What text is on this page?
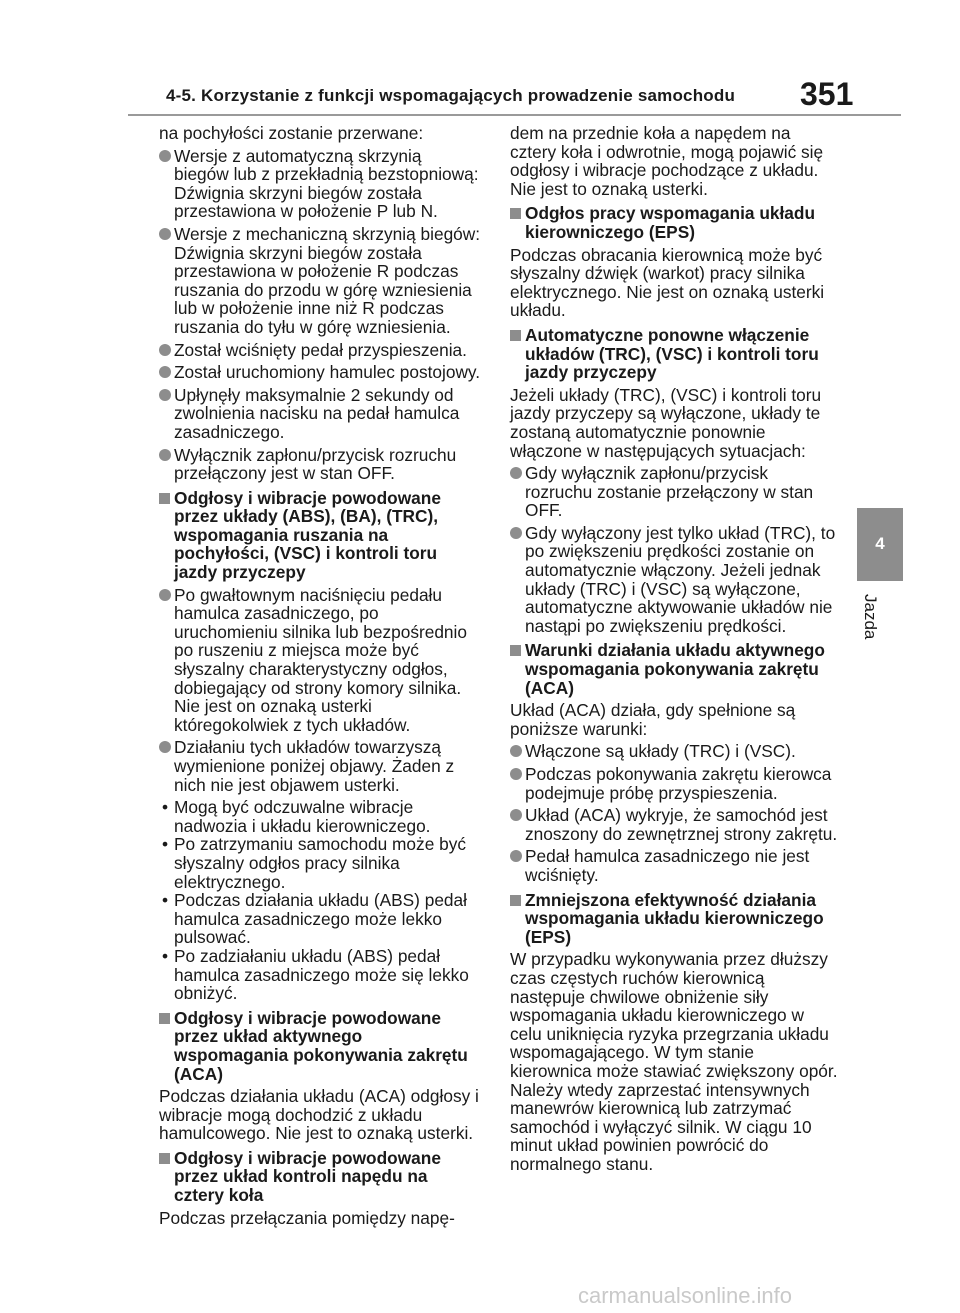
4-5. Korzystanie z funkcji wspomagających prowadzenie samochodu 351

na pochyłości zostanie przerwane:

Wersje z automatyczną skrzynią biegów lub z przekładnią bezstopniową: Dźwignia skrzyni biegów została przestawiona w położenie P lub N.

Wersje z mechaniczną skrzynią biegów: Dźwignia skrzyni biegów została przestawiona w położenie R podczas ruszania do przodu w górę wzniesienia lub w położenie inne niż R podczas ruszania do tyłu w górę wzniesienia.

Został wciśnięty pedał przyspieszenia.

Został uruchomiony hamulec postojowy.

Upłynęły maksymalnie 2 sekundy od zwolnienia nacisku na pedał hamulca zasadniczego.

Wyłącznik zapłonu/przycisk rozruchu przełączony jest w stan OFF.

Odgłosy i wibracje powodowane przez układy (ABS), (BA), (TRC), wspomagania ruszania na pochyłości, (VSC) i kontroli toru jazdy przyczepy

Po gwałtownym naciśnięciu pedału hamulca zasadniczego, po uruchomieniu silnika lub bezpośrednio po ruszeniu z miejsca może być słyszalny charakterystyczny odgłos, dobiegający od strony komory silnika. Nie jest on oznaką usterki któregokolwiek z tych układów.

Działaniu tych układów towarzyszą wymienione poniżej objawy. Żaden z nich nie jest objawem usterki.

• Mogą być odczuwalne wibracje nadwozia i układu kierowniczego.

• Po zatrzymaniu samochodu może być słyszalny odgłos pracy silnika elektrycznego.

• Podczas działania układu (ABS) pedał hamulca zasadniczego może lekko pulsować.

• Po zadziałaniu układu (ABS) pedał hamulca zasadniczego może się lekko obniżyć.

Odgłosy i wibracje powodowane przez układ aktywnego wspomagania pokonywania zakrętu (ACA)

Podczas działania układu (ACA) odgłosy i wibracje mogą dochodzić z układu hamulcowego. Nie jest to oznaką usterki.

Odgłosy i wibracje powodowane przez układ kontroli napędu na cztery koła

Podczas przełączania pomiędzy napę-

dem na przednie koła a napędem na cztery koła i odwrotnie, mogą pojawić się odgłosy i wibracje pochodzące z układu. Nie jest to oznaką usterki.

Odgłos pracy wspomagania układu kierowniczego (EPS)

Podczas obracania kierownicą może być słyszalny dźwięk (warkot) pracy silnika elektrycznego. Nie jest on oznaką usterki układu.

Automatyczne ponowne włączenie układów (TRC), (VSC) i kontroli toru jazdy przyczepy

Jeżeli układy (TRC), (VSC) i kontroli toru jazdy przyczepy są wyłączone, układy te zostaną automatycznie ponownie włączone w następujących sytuacjach:

Gdy wyłącznik zapłonu/przycisk rozruchu zostanie przełączony w stan OFF.

Gdy wyłączony jest tylko układ (TRC), to po zwiększeniu prędkości zostanie on automatycznie włączony. Jeżeli jednak układy (TRC) i (VSC) są wyłączone, automatyczne aktywowanie układów nie nastąpi po zwiększeniu prędkości.

Warunki działania układu aktywnego wspomagania pokonywania zakrętu (ACA)

Układ (ACA) działa, gdy spełnione są poniższe warunki:

Włączone są układy (TRC) i (VSC).

Podczas pokonywania zakrętu kierowca podejmuje próbę przyspieszenia.

Układ (ACA) wykryje, że samochód jest znoszony do zewnętrznej strony zakrętu.

Pedał hamulca zasadniczego nie jest wciśnięty.

Zmniejszona efektywność działania wspomagania układu kierowniczego (EPS)

W przypadku wykonywania przez dłuższy czas częstych ruchów kierownicą następuje chwilowe obniżenie siły wspomagania układu kierowniczego w celu uniknięcia ryzyka przegrzania układu wspomagającego. W tym stanie kierownica może stawiać zwiększony opór. Należy wtedy zaprzestać intensywnych manewrów kierownicą lub zatrzymać samochód i wyłączyć silnik. W ciągu 10 minut układ powinien powrócić do normalnego stanu.

4
Jazda
carmanualsonline.info
